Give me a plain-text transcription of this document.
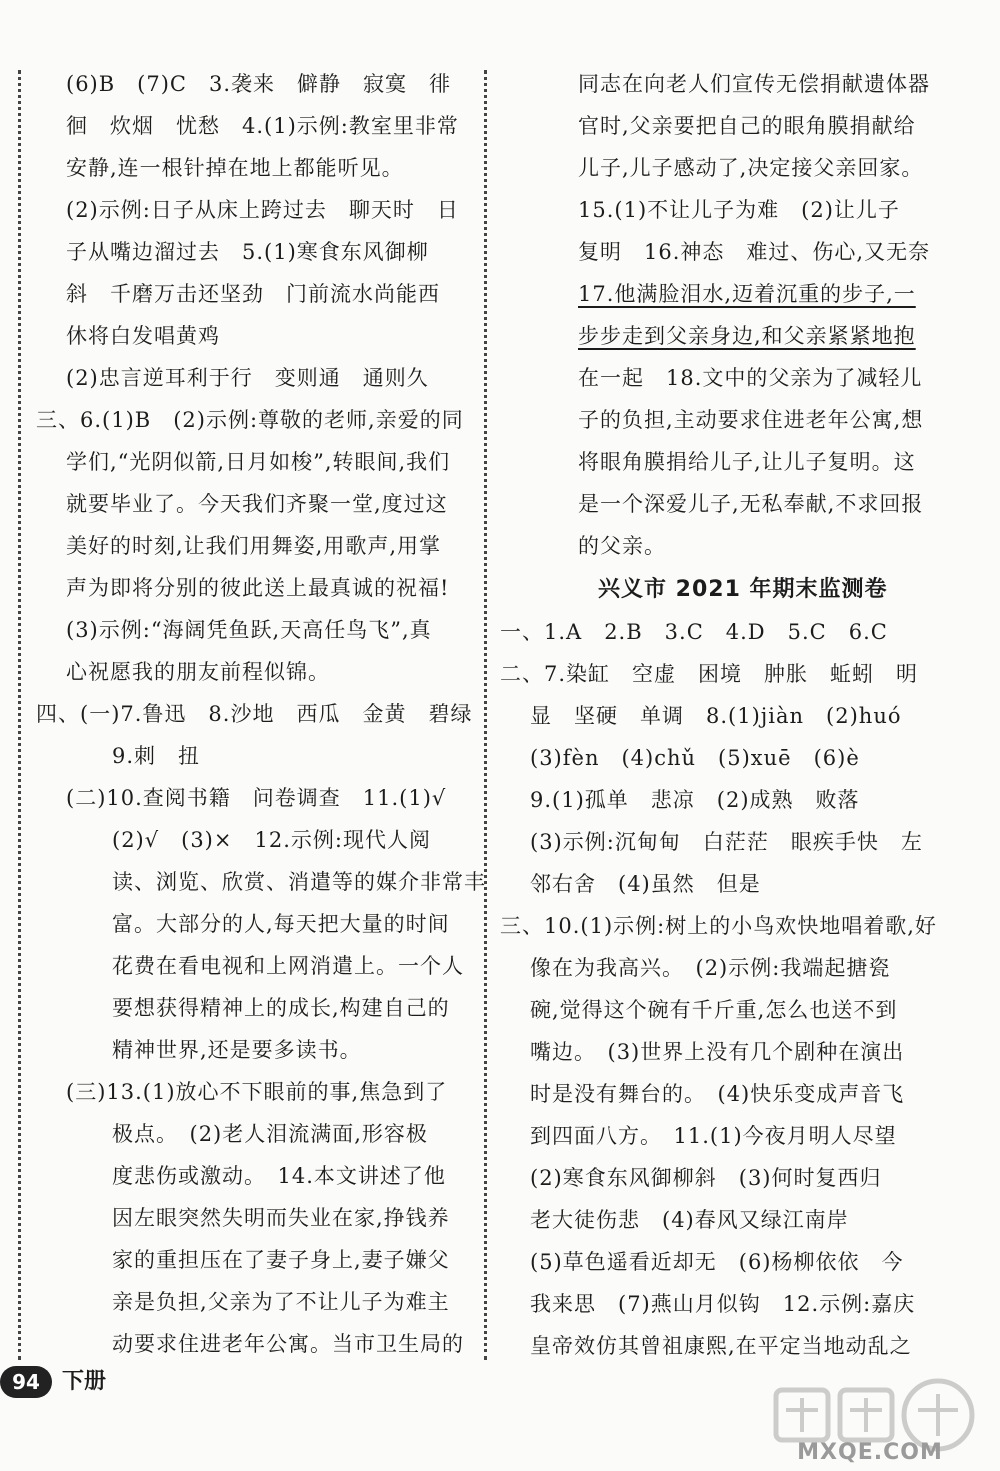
(6)B　(7)C　3.袭来　僻静　寂寞　徘
徊　炊烟　忧愁　4.(1)示例:教室里非常
安静,连一根针掉在地上都能听见。
(2)示例:日子从床上跨过去　聊天时　日
子从嘴边溜过去　5.(1)寒食东风御柳
斜　千磨万击还坚劲　门前流水尚能西
休将白发唱黄鸡
(2)忠言逆耳利于行　变则通　通则久
三、6.(1)B　(2)示例:尊敬的老师,亲爱的同
学们,“光阴似箭,日月如梭”,转眼间,我们
就要毕业了。今天我们齐聚一堂,度过这
美好的时刻,让我们用舞姿,用歌声,用掌
声为即将分别的彼此送上最真诚的祝福!
(3)示例:“海阔凭鱼跃,天高任鸟飞”,真
心祝愿我的朋友前程似锦。
四、(一)7.鲁迅　8.沙地　西瓜　金黄　碧绿
9.刺　扭
(二)10.查阅书籍　问卷调查　11.(1)√
(2)√　(3)×　12.示例:现代人阅
读、浏览、欣赏、消遣等的媒介非常丰
富。大部分的人,每天把大量的时间
花费在看电视和上网消遣上。一个人
要想获得精神上的成长,构建自己的
精神世界,还是要多读书。
(三)13.(1)放心不下眼前的事,焦急到了
极点。　(2)老人泪流满面,形容极
度悲伤或激动。　14.本文讲述了他
因左眼突然失明而失业在家,挣钱养
家的重担压在了妻子身上,妻子嫌父
亲是负担,父亲为了不让儿子为难主
动要求住进老年公寓。当市卫生局的
同志在向老人们宣传无偿捐献遗体器
官时,父亲要把自己的眼角膜捐献给
儿子,儿子感动了,决定接父亲回家。
15.(1)不让儿子为难　(2)让儿子
复明　16.神态　难过、伤心,又无奈
17.他满脸泪水,迈着沉重的步子,一
步步走到父亲身边,和父亲紧紧地抱
在一起　18.文中的父亲为了减轻儿
子的负担,主动要求住进老年公寓,想
将眼角膜捐给儿子,让儿子复明。这
是一个深爱儿子,无私奉献,不求回报
的父亲。
兴义市 2021 年期末监测卷
一、1.A　2.B　3.C　4.D　5.C　6.C
二、7.染缸　空虚　困境　肿胀　蚯蚓　明
显　坚硬　单调　8.(1)jiàn　(2)huó
(3)fèn　(4)chǔ　(5)xuē　(6)è
9.(1)孤单　悲凉　(2)成熟　败落
(3)示例:沉甸甸　白茫茫　眼疾手快　左
邻右舍　(4)虽然　但是
三、10.(1)示例:树上的小鸟欢快地唱着歌,好
像在为我高兴。　(2)示例:我端起搪瓷
碗,觉得这个碗有千斤重,怎么也送不到
嘴边。　(3)世界上没有几个剧种在演出
时是没有舞台的。　(4)快乐变成声音飞
到四面八方。　11.(1)今夜月明人尽望
(2)寒食东风御柳斜　(3)何时复西归
老大徒伤悲　(4)春风又绿江南岸
(5)草色遥看近却无　(6)杨柳依依　今
我来思　(7)燕山月似钩　12.示例:嘉庆
皇帝效仿其曾祖康熙,在平定当地动乱之
94	下册
MXQE.COM
